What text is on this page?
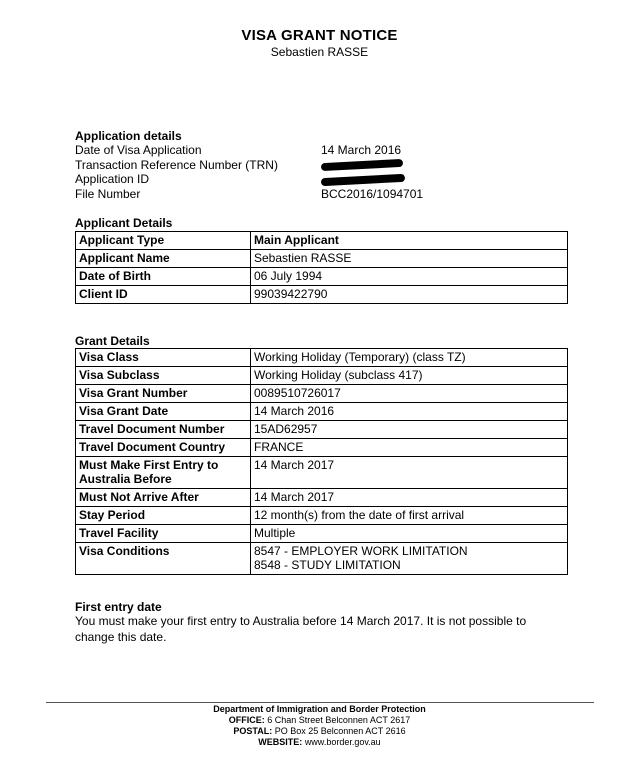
VISA GRANT NOTICE
Sebastien RASSE
Application details
Date of Visa Application	14 March 2016
Transaction Reference Number (TRN)
Application ID
File Number	BCC2016/1094701
Applicant Details
Applicant Type	Main Applicant
Applicant Name	Sebastien RASSE
Date of Birth	06 July 1994
Client ID	99039422790
Grant Details
Visa Class	Working Holiday (Temporary) (class TZ)
Visa Subclass	Working Holiday (subclass 417)
Visa Grant Number	0089510726017
Visa Grant Date	14 March 2016
Travel Document Number	15AD62957
Travel Document Country	FRANCE
Must Make First Entry to Australia Before	14 March 2017
Must Not Arrive After	14 March 2017
Stay Period	12 month(s) from the date of first arrival
Travel Facility	Multiple
Visa Conditions	8547 - EMPLOYER WORK LIMITATION
8548 - STUDY LIMITATION
First entry date
You must make your first entry to Australia before 14 March 2017. It is not possible to change this date.
Department of Immigration and Border Protection
OFFICE: 6 Chan Street Belconnen ACT 2617
POSTAL: PO Box 25 Belconnen ACT 2616
WEBSITE: www.border.gov.au
